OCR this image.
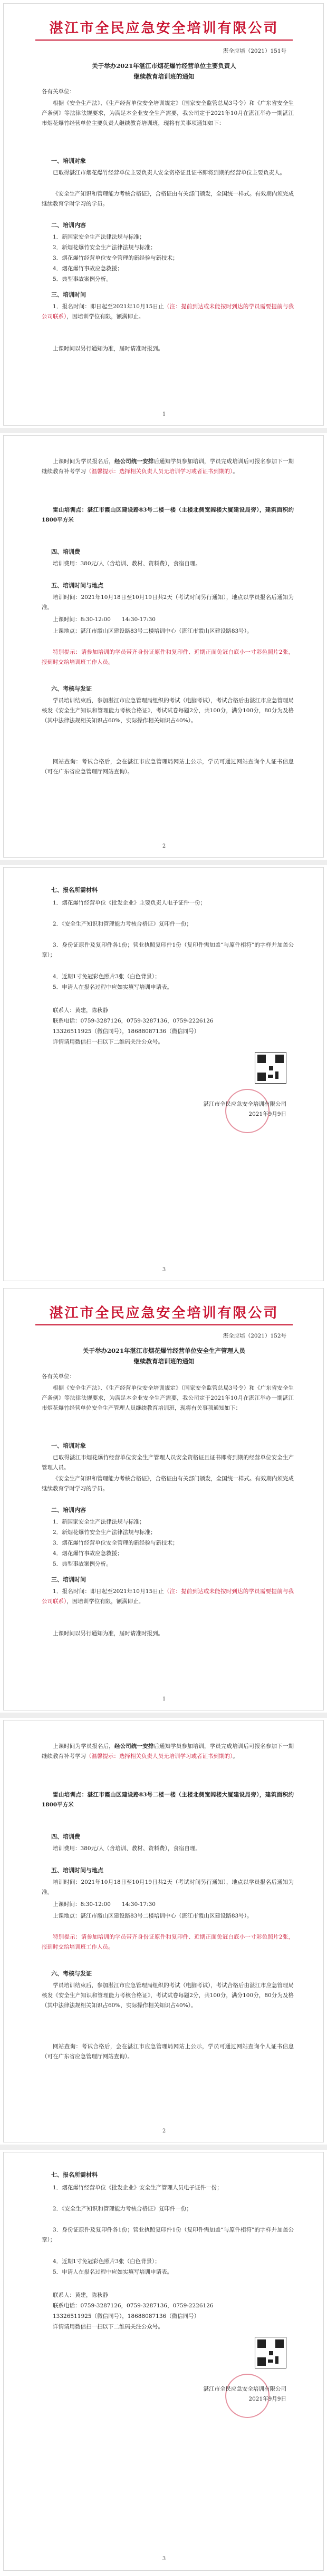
湛江市全民应急安全培训有限公司
湛全应培（2021）151号
关于举办2021年湛江市烟花爆竹经营单位主要负责人
继续教育培训班的通知
各有关单位：
根据《安全生产法》、《生产经营单位安全培训规定》（国家安全监管总局3号令）和《广东省安全生产条例》等法律法规要求，为满足本企业安全生产需要，我公司定于2021年10月在湛江举办一期湛江市烟花爆竹经营单位主要负责人继续教育培训班，现将有关事项通知如下：
一、培训对象
已取得湛江市烟花爆竹经营单位主要负责人安全资格证且证书即将到期的经营单位主要负责人。
《安全生产知识和管理能力考核合格证》，合格证由有关部门颁发，全国统一样式。有效期内须完成继续教育学时学习的学员。
二、培训内容
1．新国家安全生产法律法规与标准；
2．新烟花爆竹安全生产法律法规与标准；
3．烟花爆竹经营单位安全管理的新经验与新技术；
4．烟花爆竹事故应急救援；
5．典型事故案例分析。
三、培训时间
1．报名时间：即日起至2021年10月15日止（注：提前到达或未能按时到达的学员需要提前与我公司联系），因培训学位有限，额满即止。
上课时间以另行通知为准，届时请准时报到。
1
上课时间为学员报名后，经公司统一安排后通知学员参加培训，学员完成培训后可报名参加下一期继续教育补考学习（温馨提示：选择相关负责人员无培训学习或者证书到期的）。
雷山培训点：湛江市霞山区建设路83号二楼一楼（主楼北侧宽阔楼大厦建设局旁），建筑面积约1800平方米
四、培训费
培训费用：380元/人（含培训、教材、资料费），食宿自理。
五、培训时间与地点
培训时间：2021年10月18日至10月19日共2天（考试时间另行通知），地点以学员报名后通知为准。
上课时间：8:30-12:00　　14:30-17:30
上课地点：湛江市霞山区建设路83号二楼培训中心（湛江市霞山区建设路83号）。
特别提示：请参加培训的学员带齐身份证原件和复印件、近期正面免冠白底小一寸彩色照片2张，报到时交给培训班工作人员。
六、考核与发证
学员培训结束后，参加湛江市应急管理局组织的考试（电脑考试），考试合格后由湛江市应急管理局核发《安全生产知识和管理能力考核合格证》，考试试卷每题2分，共100分，满分100分，80分为及格（其中法律法规相关知识占60%，实际操作相关知识占40%）。
网站查询：考试合格后，会在湛江市应急管理局网站上公示，学员可通过网站查询个人证书信息（可在广东省应急管理厅网站查询）。
2
七、报名所需材料
1．烟花爆竹经营单位《批发企业》主要负责人电子证件一份；
2．《安全生产知识和管理能力考核合格证》复印件一份；
3．身份证原件及复印件各1份；营业执照复印件1份（复印件需加盖“与原件相符”的字样并加盖公章）；
4．近期1寸免冠彩色照片3张（白色背景）；
5．申请人在报名过程中应如实填写培训申请表。
联系人：黄建，陈秋静
联系电话：0759-3287126，0759-3287136，0759-2226126
13326511925（微信同号），18688087136（微信同号）
详情请用微信扫一扫以下二维码关注公众号。
湛江市全民应急安全培训有限公司
2021年9月9日
3
湛江市全民应急安全培训有限公司
湛全应培（2021）152号
关于举办2021年湛江市烟花爆竹经营单位安全生产管理人员
继续教育培训班的通知
各有关单位：
根据《安全生产法》、《生产经营单位安全培训规定》（国家安全监管总局3号令）和《广东省安全生产条例》等法律法规要求，为满足本企业安全生产需要，我公司定于2021年10月在湛江举办一期湛江市烟花爆竹经营单位安全生产管理人员继续教育培训班，现将有关事项通知如下：
一、培训对象
已取得湛江市烟花爆竹经营单位安全生产管理人员安全资格证且证书即将到期的经营单位安全生产管理人员。
《安全生产知识和管理能力考核合格证》，合格证由有关部门颁发，全国统一样式。有效期内须完成继续教育学时学习的学员。
二、培训内容
1．新国家安全生产法律法规与标准；
2．新烟花爆竹安全生产法律法规与标准；
3．烟花爆竹经营单位安全管理的新经验与新技术；
4．烟花爆竹事故应急救援；
5．典型事故案例分析。
三、培训时间
1．报名时间：即日起至2021年10月15日止（注：提前到达或未能按时到达的学员需要提前与我公司联系），因培训学位有限，额满即止。
上课时间以另行通知为准，届时请准时报到。
1
上课时间为学员报名后，经公司统一安排后通知学员参加培训，学员完成培训后可报名参加下一期继续教育补考学习（温馨提示：选择相关负责人员无培训学习或者证书到期的）。
雷山培训点：湛江市霞山区建设路83号二楼一楼（主楼北侧宽阔楼大厦建设局旁），建筑面积约1800平方米
四、培训费
培训费用：380元/人（含培训、教材、资料费），食宿自理。
五、培训时间与地点
培训时间：2021年10月18日至10月19日共2天（考试时间另行通知），地点以学员报名后通知为准。
上课时间：8:30-12:00　　14:30-17:30
上课地点：湛江市霞山区建设路83号二楼培训中心（湛江市霞山区建设路83号）。
特别提示：请参加培训的学员带齐身份证原件和复印件、近期正面免冠白底小一寸彩色照片2张，报到时交给培训班工作人员。
六、考核与发证
学员培训结束后，参加湛江市应急管理局组织的考试（电脑考试），考试合格后由湛江市应急管理局核发《安全生产知识和管理能力考核合格证》，考试试卷每题2分，共100分，满分100分，80分为及格（其中法律法规相关知识占60%，实际操作相关知识占40%）。
网站查询：考试合格后，会在湛江市应急管理局网站上公示，学员可通过网站查询个人证书信息（可在广东省应急管理厅网站查询）。
2
七、报名所需材料
1．烟花爆竹经营单位《批发企业》安全生产管理人员电子证件一份；
2．《安全生产知识和管理能力考核合格证》复印件一份；
3．身份证原件及复印件各1份；营业执照复印件1份（复印件需加盖“与原件相符”的字样并加盖公章）；
4．近期1寸免冠彩色照片3张（白色背景）；
5．申请人在报名过程中应如实填写培训申请表。
联系人：黄建，陈秋静
联系电话：0759-3287126，0759-3287136，0759-2226126
13326511925（微信同号），18688087136（微信同号）
详情请用微信扫一扫以下二维码关注公众号。
湛江市全民应急安全培训有限公司
2021年9月9日
3
